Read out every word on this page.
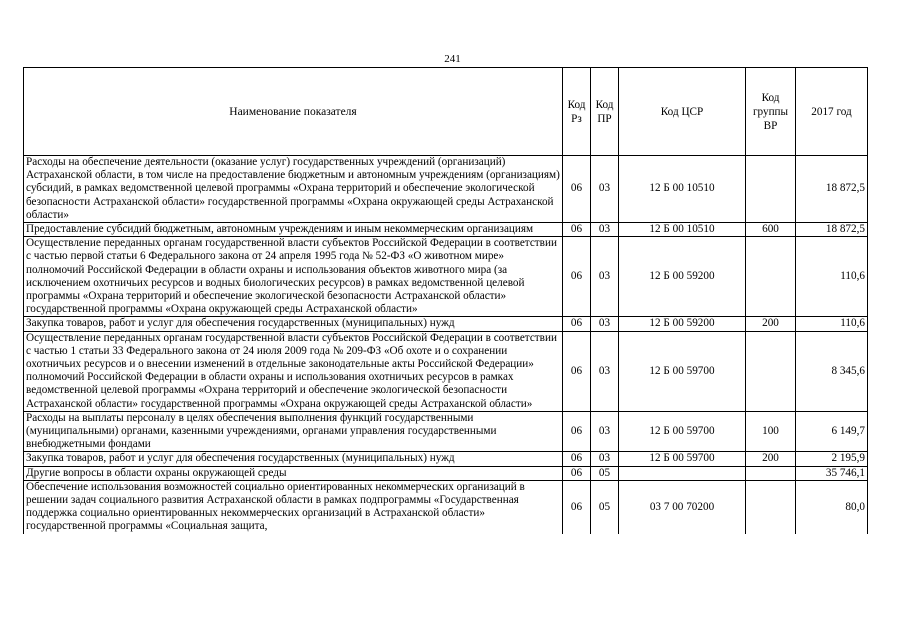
241
Наименование показателя	Код Рз	Код ПР	Код ЦСР	Код группы ВР	2017 год
Расходы на обеспечение деятельности (оказание услуг) государственных учреждений (организаций) Астраханской области, в том числе на предоставление бюджетным и автономным учреждениям (организациям) субсидий, в рамках ведомственной целевой программы «Охрана территорий и обеспечение экологической безопасности Астраханской области» государственной программы «Охрана окружающей среды Астраханской области»	06	03	12 Б 00 10510		18 872,5
Предоставление субсидий бюджетным, автономным учреждениям и иным некоммерческим организациям	06	03	12 Б 00 10510	600	18 872,5
Осуществление переданных органам государственной власти субъектов Российской Федерации в соответствии с частью первой статьи 6 Федерального закона от 24 апреля 1995 года № 52-ФЗ «О животном мире» полномочий Российской Федерации в области охраны и использования объектов животного мира (за исключением охотничьих ресурсов и водных биологических ресурсов) в рамках ведомственной целевой программы «Охрана территорий и обеспечение экологической безопасности Астраханской области» государственной программы «Охрана окружающей среды Астраханской области»	06	03	12 Б 00 59200		110,6
Закупка товаров, работ и услуг для обеспечения государственных (муниципальных) нужд	06	03	12 Б 00 59200	200	110,6
Осуществление переданных органам государственной власти субъектов Российской Федерации в соответствии с частью 1 статьи 33 Федерального закона от 24 июля 2009 года № 209-ФЗ «Об охоте и о сохранении охотничьих ресурсов и о внесении изменений в отдельные законодательные акты Российской Федерации» полномочий Российской Федерации в области охраны и использования охотничьих ресурсов в рамках ведомственной целевой программы «Охрана территорий и обеспечение экологической безопасности Астраханской области» государственной программы «Охрана окружающей среды Астраханской области»	06	03	12 Б 00 59700		8 345,6
Расходы на выплаты персоналу в целях обеспечения выполнения функций государственными (муниципальными) органами, казенными учреждениями, органами управления государственными внебюджетными фондами	06	03	12 Б 00 59700	100	6 149,7
Закупка товаров, работ и услуг для обеспечения государственных (муниципальных) нужд	06	03	12 Б 00 59700	200	2 195,9
Другие вопросы в области охраны окружающей среды	06	05			35 746,1
Обеспечение использования возможностей социально ориентированных некоммерческих организаций в решении задач социального развития Астраханской области в рамках подпрограммы «Государственная поддержка социально ориентированных некоммерческих организаций в Астраханской области» государственной программы «Социальная защита,	06	05	03 7 00 70200		80,0
